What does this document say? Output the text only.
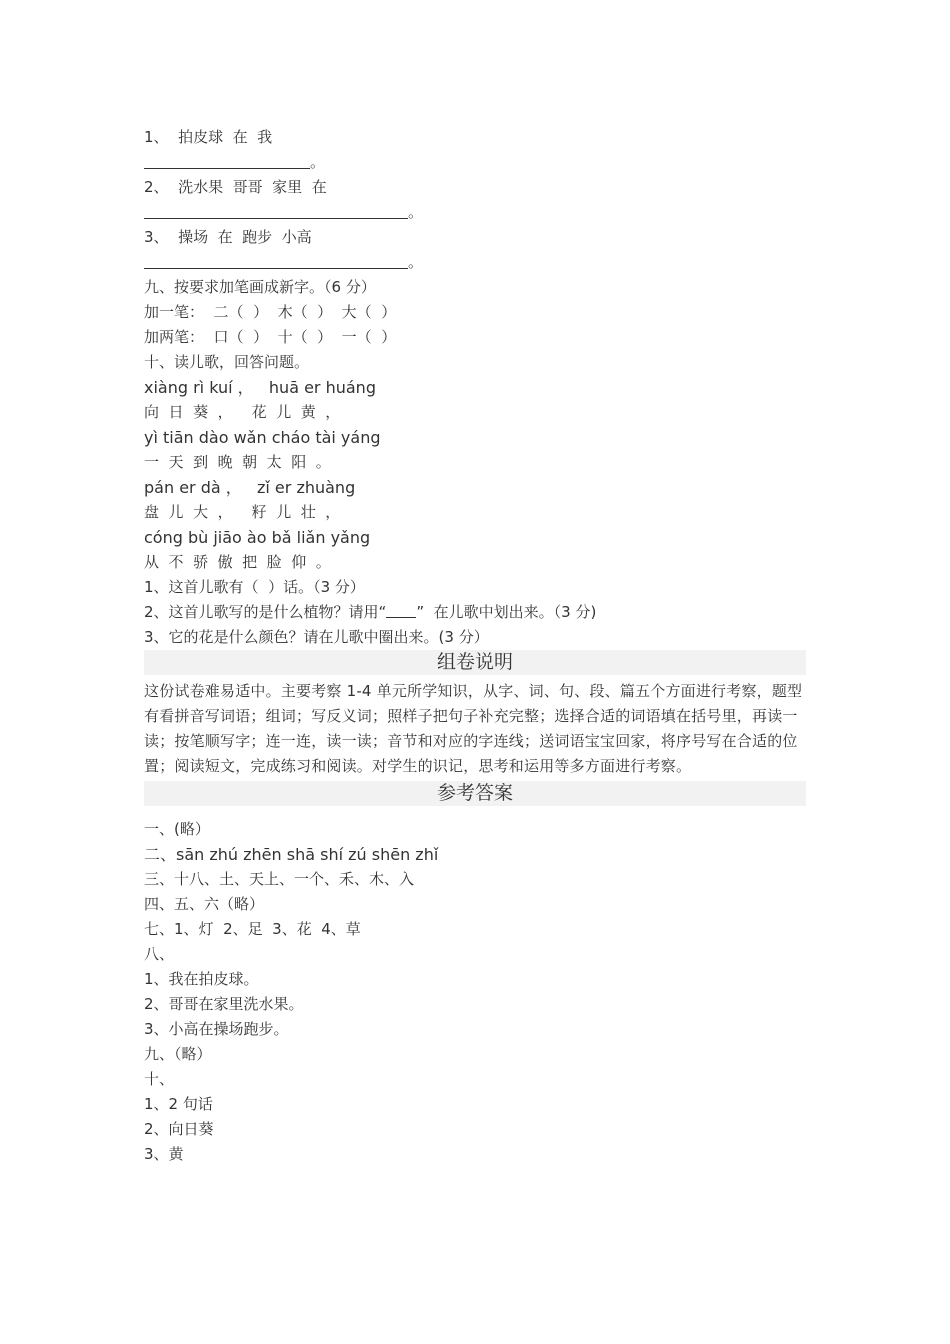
1、  拍皮球  在  我
。
2、  洗水果  哥哥  家里  在
。
3、  操场  在  跑步  小高
。
九、按要求加笔画成新字。（6 分）
加一笔：  二（  ）  木（  ）  大（  ）
加两笔：  口（  ）  十（  ）  一（  ）
十、读儿歌，回答问题。
xiàng rì kuí ，   huā er huáng
向  日  葵  ，    花  儿  黄  ，
yì tiān dào wǎn cháo tài yáng
一  天  到  晚  朝  太  阳  。
pán er dà ，   zǐ er zhuàng
盘  儿  大  ，    籽  儿  壮  ，
cóng bù jiāo ào bǎ liǎn yǎng
从  不  骄  傲  把  脸  仰  。
1、这首儿歌有（  ）话。（3 分）
2、这首儿歌写的是什么植物？请用“ ”  在儿歌中划出来。（3 分)
3、它的花是什么颜色？请在儿歌中圈出来。(3 分）
组卷说明

这份试卷难易适中。主要考察 1-4 单元所学知识，从字、词、句、段、篇五个方面进行考察，题型有看拼音写词语；组词；写反义词；照样子把句子补充完整；选择合适的词语填在括号里，再读一读；按笔顺写字；连一连，读一读；音节和对应的字连线；送词语宝宝回家，将序号写在合适的位置；阅读短文，完成练习和阅读。对学生的识记，思考和运用等多方面进行考察。

参考答案
一、(略）
二、sān zhú zhēn shā shí zú shēn zhǐ
三、十八、土、天上、一个、禾、木、入
四、五、六（略）
七、1、灯  2、足  3、花  4、草
八、
1、我在拍皮球。
2、哥哥在家里洗水果。
3、小高在操场跑步。
九、（略）
十、
1、2 句话
2、向日葵
3、黄
